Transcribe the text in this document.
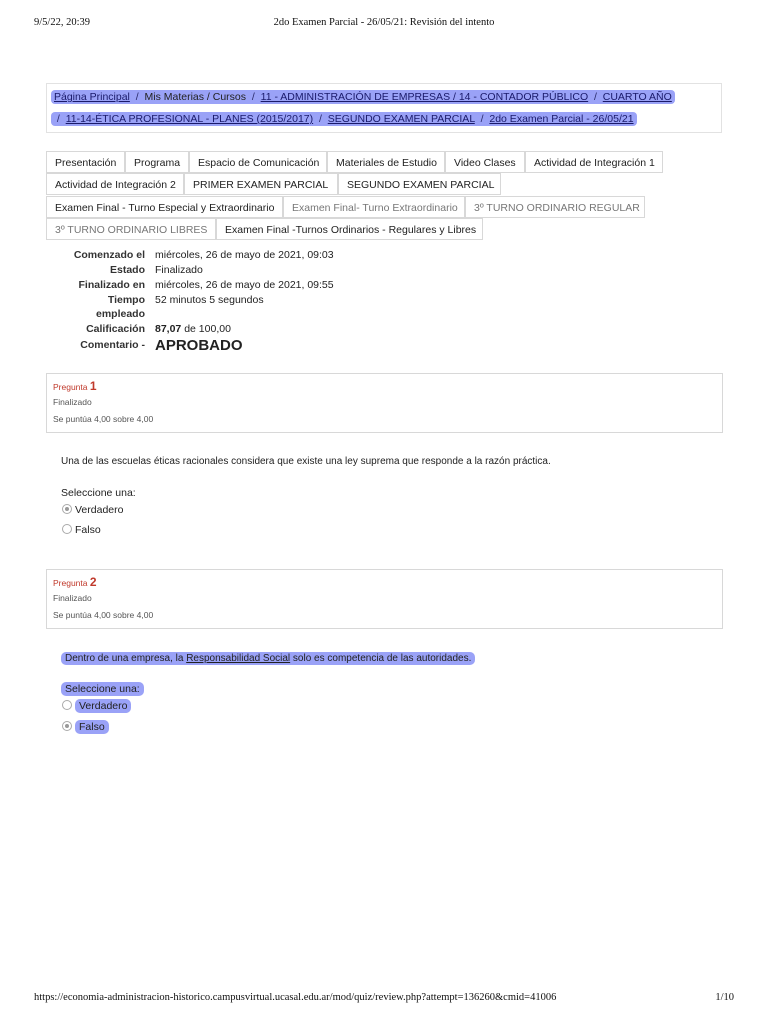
9/5/22, 20:39	2do Examen Parcial - 26/05/21: Revisión del intento
Página Principal / Mis Materias / Cursos / 11 - ADMINISTRACIÓN DE EMPRESAS / 14 - CONTADOR PÚBLICO / CUARTO AÑO
/ 11-14-ÉTICA PROFESIONAL - PLANES (2015/2017) / SEGUNDO EXAMEN PARCIAL / 2do Examen Parcial - 26/05/21
Presentación	Programa	Espacio de Comunicación	Materiales de Estudio	Video Clases	Actividad de Integración 1
Actividad de Integración 2	PRIMER EXAMEN PARCIAL	SEGUNDO EXAMEN PARCIAL
Examen Final - Turno Especial y Extraordinario	Examen Final- Turno Extraordinario	3º TURNO ORDINARIO REGULAR
3º TURNO ORDINARIO LIBRES	Examen Final -Turnos Ordinarios - Regulares y Libres
Comenzado el miércoles, 26 de mayo de 2021, 09:03
Estado Finalizado
Finalizado en miércoles, 26 de mayo de 2021, 09:55
Tiempo
empleado
52 minutos 5 segundos
Calificación 87,07 de 100,00
Comentario - APROBADO
Pregunta 1
Finalizado
Se puntúa 4,00 sobre 4,00
Una de las escuelas éticas racionales considera que existe una ley suprema que responde a la razón práctica.
Seleccione una:
Verdadero
Falso
Pregunta 2
Finalizado
Se puntúa 4,00 sobre 4,00
Dentro de una empresa, la Responsabilidad Social solo es competencia de las autoridades.
Seleccione una:
Verdadero
Falso
https://economia-administracion-historico.campusvirtual.ucasal.edu.ar/mod/quiz/review.php?attempt=136260&cmid=41006	1/10
